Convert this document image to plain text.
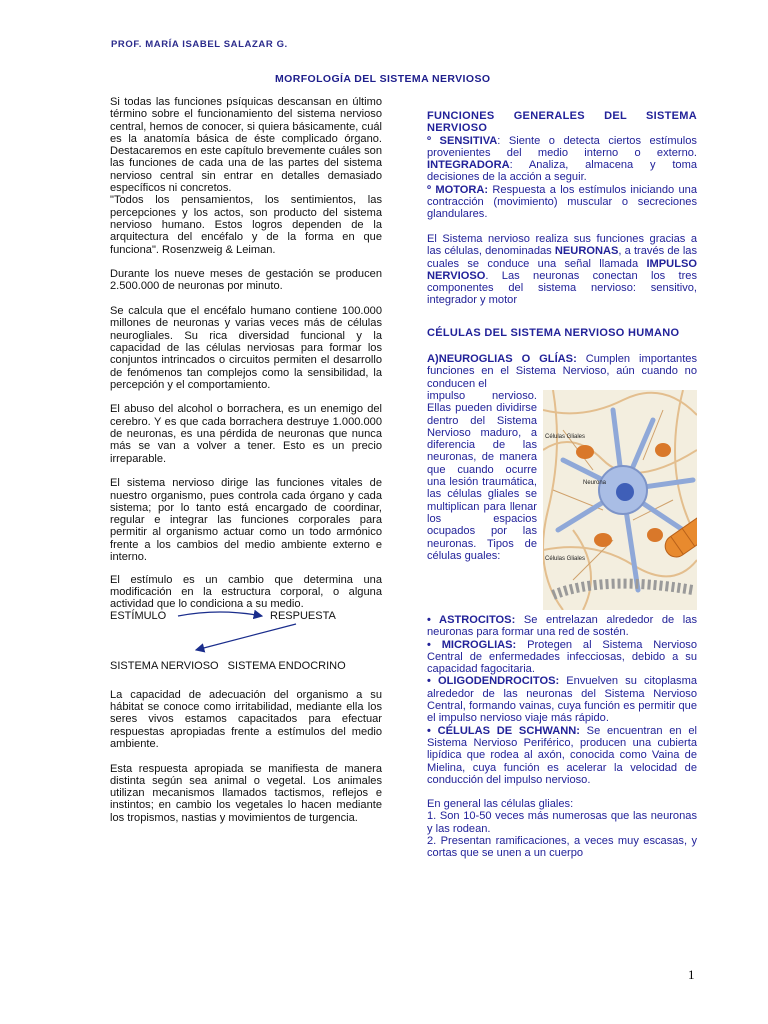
PROF. MARÍA ISABEL SALAZAR G.
MORFOLOGÍA DEL SISTEMA NERVIOSO

Si todas las funciones psíquicas descansan en último término sobre el funcionamiento del sistema nervioso central, hemos de conocer, si quiera básicamente, cuál es la anatomía básica de éste complicado órgano. Destacaremos en este capítulo brevemente cuáles son las funciones de cada una de las partes del sistema nervioso central sin entrar en detalles demasiado específicos ni concretos.

"Todos los pensamientos, los sentimientos, las percepciones y los actos, son producto del sistema nervioso humano. Estos logros dependen de la arquitectura del encéfalo y de la forma en que funciona". Rosenzweig & Leiman.

Durante los nueve meses de gestación se producen 2.500.000 de neuronas por minuto.

Se calcula que el encéfalo humano contiene 100.000 millones de neuronas y varias veces más de células neurogliales. Su rica diversidad funcional y la capacidad de las células nerviosas para formar los conjuntos intrincados o circuitos permiten el desarrollo de fenómenos tan complejos como la sensibilidad, la percepción y el comportamiento.

El abuso del alcohol o borrachera, es un enemigo del cerebro. Y es que cada borrachera destruye 1.000.000 de neuronas, es una pérdida de neuronas que nunca más se van a volver a tener. Esto es un precio irreparable.

El sistema nervioso dirige las funciones vitales de nuestro organismo, pues controla cada órgano y cada sistema; por lo tanto está encargado de coordinar, regular e integrar las funciones corporales para permitir al organismo actuar como un todo armónico frente a los cambios del medio ambiente externo e interno.

El estímulo es un cambio que determina una modificación en la estructura corporal, o alguna actividad que lo condiciona a su medio.

ESTÍMULO	RESPUESTA
SISTEMA NERVIOSO SISTEMA ENDOCRINO

La capacidad de adecuación del organismo a su hábitat se conoce como irritabilidad, mediante ella los seres vivos estamos capacitados para efectuar respuestas apropiadas frente a estímulos del medio ambiente.

Esta respuesta apropiada se manifiesta de manera distinta según sea animal o vegetal. Los animales utilizan mecanismos llamados tactismos, reflejos e instintos; en cambio los vegetales lo hacen mediante los tropismos, nastias y movimientos de turgencia.

FUNCIONES GENERALES DEL SISTEMA NERVIOSO

º SENSITIVA: Siente o detecta ciertos estímulos provenientes del medio interno o externo. INTEGRADORA: Analiza, almacena y toma decisiones de la acción a seguir.

º MOTORA: Respuesta a los estímulos iniciando una contracción (movimiento) muscular o secreciones glandulares.

El Sistema nervioso realiza sus funciones gracias a las células, denominadas NEURONAS, a través de las cuales se conduce una señal llamada IMPULSO NERVIOSO. Las neuronas conectan los tres componentes del sistema nervioso: sensitivo, integrador y motor

CÉLULAS DEL SISTEMA NERVIOSO HUMANO

A)NEUROGLIAS O GLÍAS: Cumplen importantes funciones en el Sistema Nervioso, aún cuando no conducen el

Células Gliales
Neurona
Células Gliales

impulso nervioso. Ellas pueden dividirse dentro del Sistema Nervioso maduro, a diferencia de las neuronas, de manera que cuando ocurre una lesión traumática, las células gliales se multiplican para llenar los espacios ocupados por las neuronas. Tipos de células guales:

• ASTROCITOS: Se entrelazan alrededor de las neuronas para formar una red de sostén.

• MICROGLIAS: Protegen al Sistema Nervioso Central de enfermedades infecciosas, debido a su capacidad fagocitaria.

• OLIGODENDROCITOS: Envuelven su citoplasma alrededor de las neuronas del Sistema Nervioso Central, formando vainas, cuya función es permitir que el impulso nervioso viaje más rápido.

• CÉLULAS DE SCHWANN: Se encuentran en el Sistema Nervioso Periférico, producen una cubierta lipídica que rodea al axón, conocida como Vaina de Mielina, cuya función es acelerar la velocidad de conducción del impulso nervioso.

En general las células gliales:

1. Son 10-50 veces más numerosas que las neuronas y las rodean.

2. Presentan ramificaciones, a veces muy escasas, y cortas que se unen a un cuerpo

1
